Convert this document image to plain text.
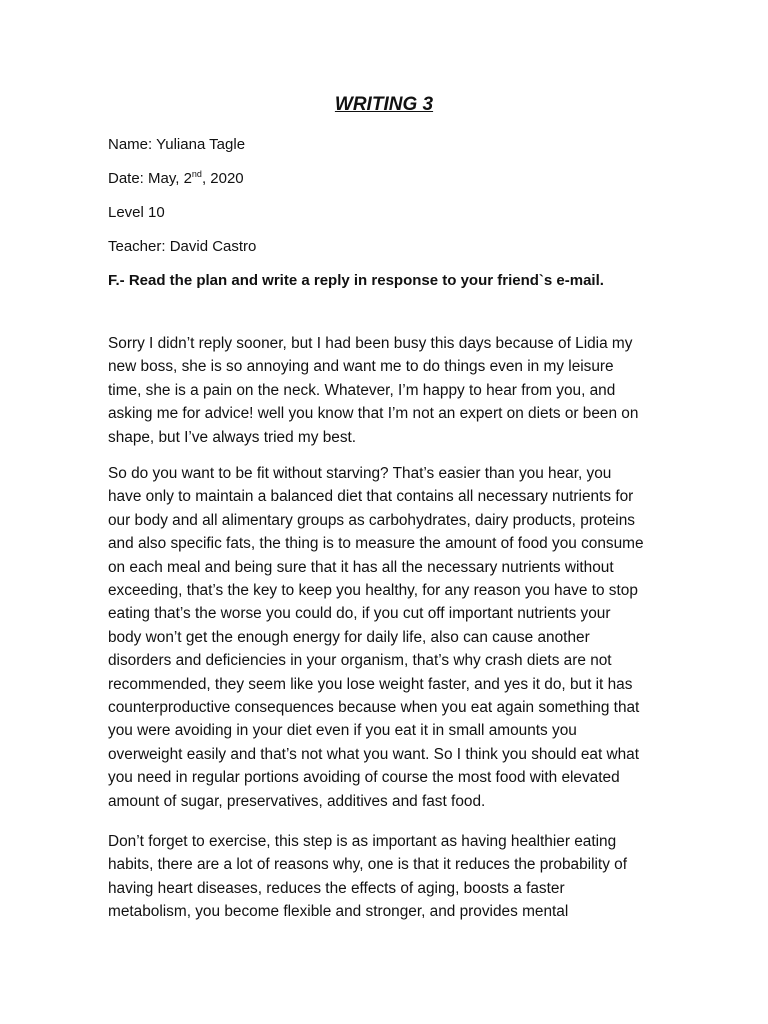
WRITING 3
Name: Yuliana Tagle
Date: May, 2nd, 2020
Level 10
Teacher: David Castro
F.- Read the plan and write a reply in response to your friend`s e-mail.

Sorry I didn’t reply sooner, but I had been busy this days because of Lidia my new boss, she is so annoying and want me to do things even in my leisure time, she is a pain on the neck. Whatever, I’m happy to hear from you, and asking me for advice! well you know that I’m not an expert on diets or been on shape, but I’ve always tried my best.

So do you want to be fit without starving? That’s easier than you hear, you have only to maintain a balanced diet that contains all necessary nutrients for our body and all alimentary groups as carbohydrates, dairy products, proteins and also specific fats, the thing is to measure the amount of food you consume on each meal and being sure that it has all the necessary nutrients without exceeding, that’s the key to keep you healthy, for any reason you have to stop eating that’s the worse you could do, if you cut off important nutrients your body won’t get the enough energy for daily life, also can cause another disorders and deficiencies in your organism, that’s why crash diets are not recommended, they seem like you lose weight faster, and yes it do, but it has counterproductive consequences because when you eat again something that you were avoiding in your diet even if you eat it in small amounts you overweight easily and that’s not what you want. So I think you should eat what you need in regular portions avoiding of course the most food with elevated amount of sugar, preservatives, additives and fast food.

Don’t forget to exercise, this step is as important as having healthier eating habits, there are a lot of reasons why, one is that it reduces the probability of having heart diseases, reduces the effects of aging, boosts a faster metabolism, you become flexible and stronger, and provides mental
